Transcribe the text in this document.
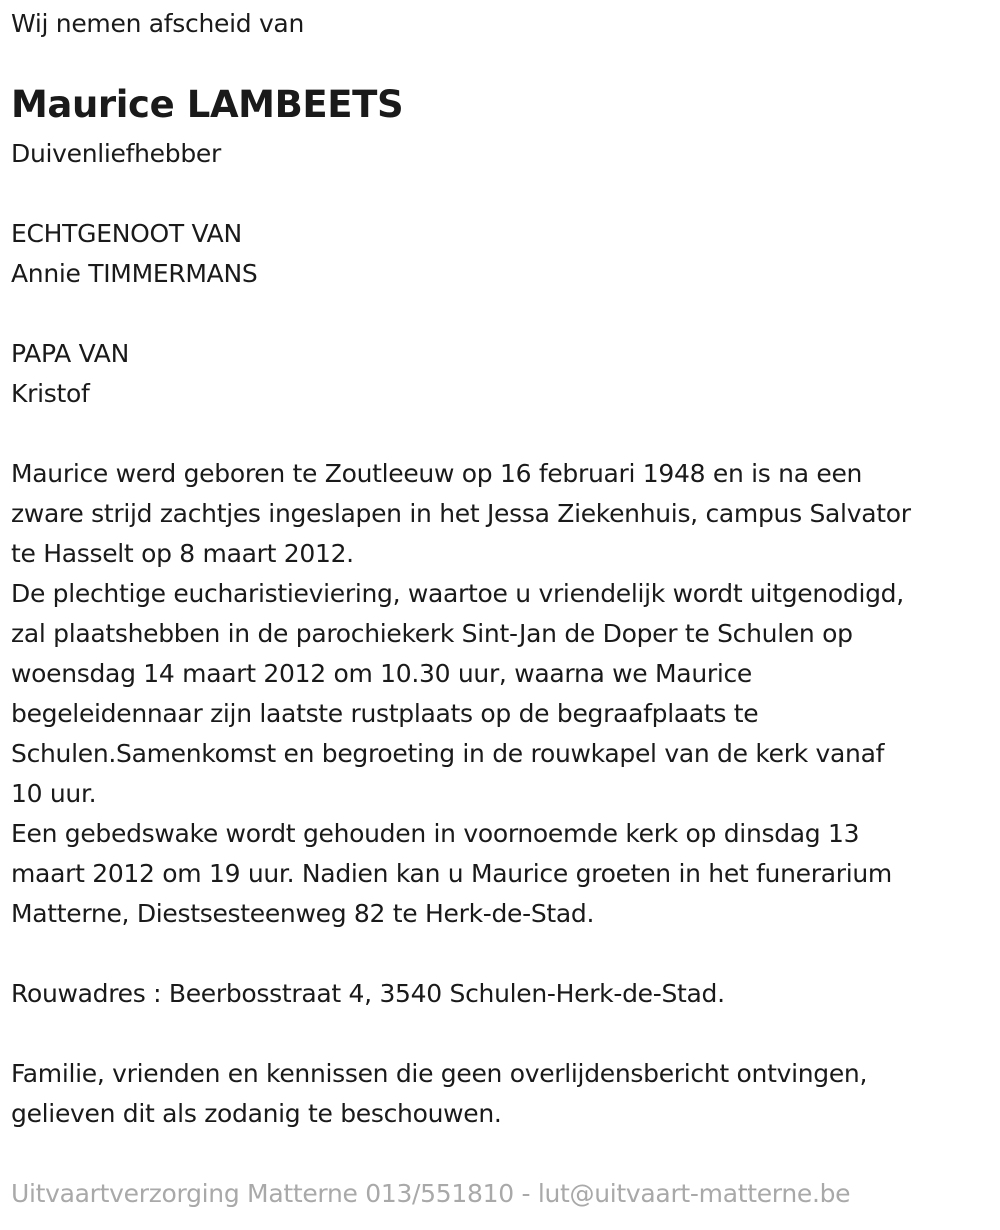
Wij nemen afscheid van
Maurice LAMBEETS
Duivenliefhebber
ECHTGENOOT VAN
Annie TIMMERMANS
PAPA VAN
Kristof
Maurice werd geboren te Zoutleeuw op 16 februari 1948 en is na een
zware strijd zachtjes ingeslapen in het Jessa Ziekenhuis, campus Salvator
te Hasselt op 8 maart 2012.
De plechtige eucharistieviering, waartoe u vriendelijk wordt uitgenodigd,
zal plaatshebben in de parochiekerk Sint-Jan de Doper te Schulen op
woensdag 14 maart 2012 om 10.30 uur, waarna we Maurice
begeleidennaar zijn laatste rustplaats op de begraafplaats te
Schulen.Samenkomst en begroeting in de rouwkapel van de kerk vanaf
10 uur.
Een gebedswake wordt gehouden in voornoemde kerk op dinsdag 13
maart 2012 om 19 uur. Nadien kan u Maurice groeten in het funerarium
Matterne, Diestsesteenweg 82 te Herk-de-Stad.
Rouwadres : Beerbosstraat 4, 3540 Schulen-Herk-de-Stad.
Familie, vrienden en kennissen die geen overlijdensbericht ontvingen,
gelieven dit als zodanig te beschouwen.
Uitvaartverzorging Matterne 013/551810 - lut@uitvaart-matterne.be
